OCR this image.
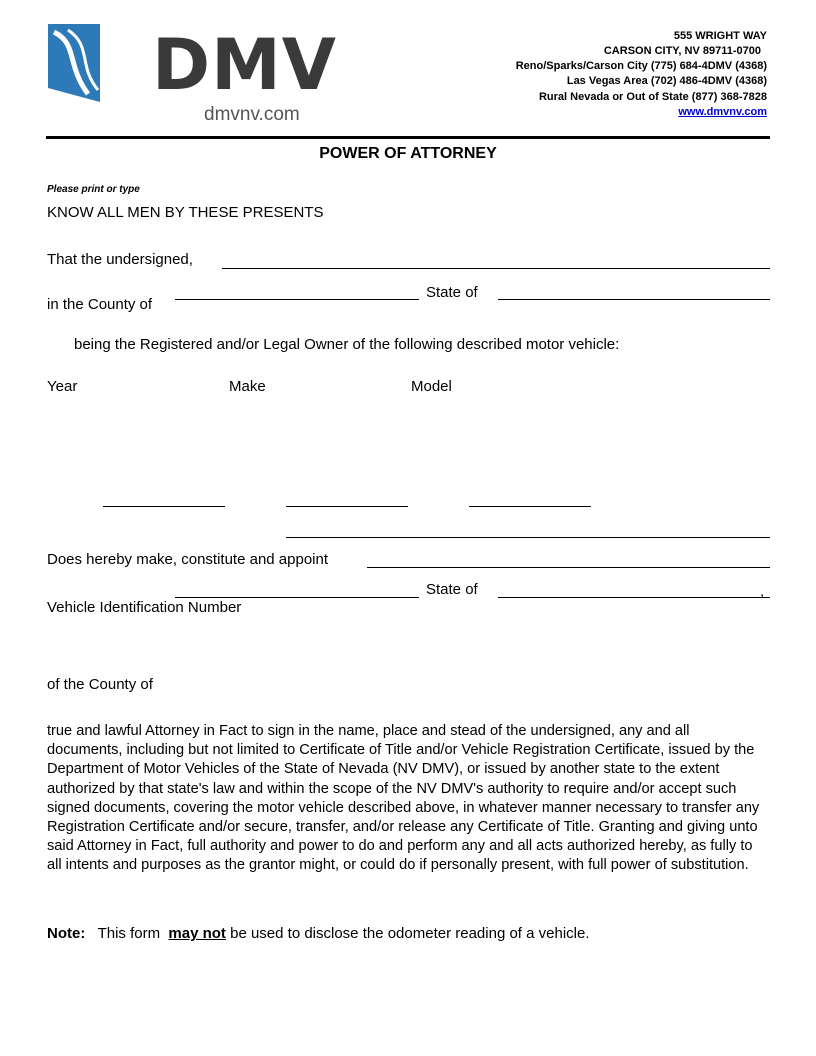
DMV
dmvnv.com
555 WRIGHT WAY
CARSON CITY, NV 89711-0700
Reno/Sparks/Carson City (775) 684-4DMV (4368)
Las Vegas Area (702) 486-4DMV (4368)
Rural Nevada or Out of State (877) 368-7828
www.dmvnv.com
POWER OF ATTORNEY
Please print or type
KNOW ALL MEN BY THESE PRESENTS
That the undersigned,
in the County of
State of
being the Registered and/or Legal Owner of the following described motor vehicle:
Year	Make	Model
Does hereby make, constitute and appoint
State of	,
Vehicle Identification Number
of the County of
true and lawful Attorney in Fact to sign in the name, place and stead of the undersigned, any and all documents, including but not limited to Certificate of Title and/or Vehicle Registration Certificate, issued by the Department of Motor Vehicles of the State of Nevada (NV DMV), or issued by another state to the extent authorized by that state's law and within the scope of the NV DMV's authority to require and/or accept such signed documents, covering the motor vehicle described above, in whatever manner necessary to transfer any Registration Certificate and/or secure, transfer, and/or release any Certificate of Title. Granting and giving unto said Attorney in Fact, full authority and power to do and perform any and all acts authorized hereby, as fully to all intents and purposes as the grantor might, or could do if personally present, with full power of substitution.
Note: This form may not be used to disclose the odometer reading of a vehicle.
